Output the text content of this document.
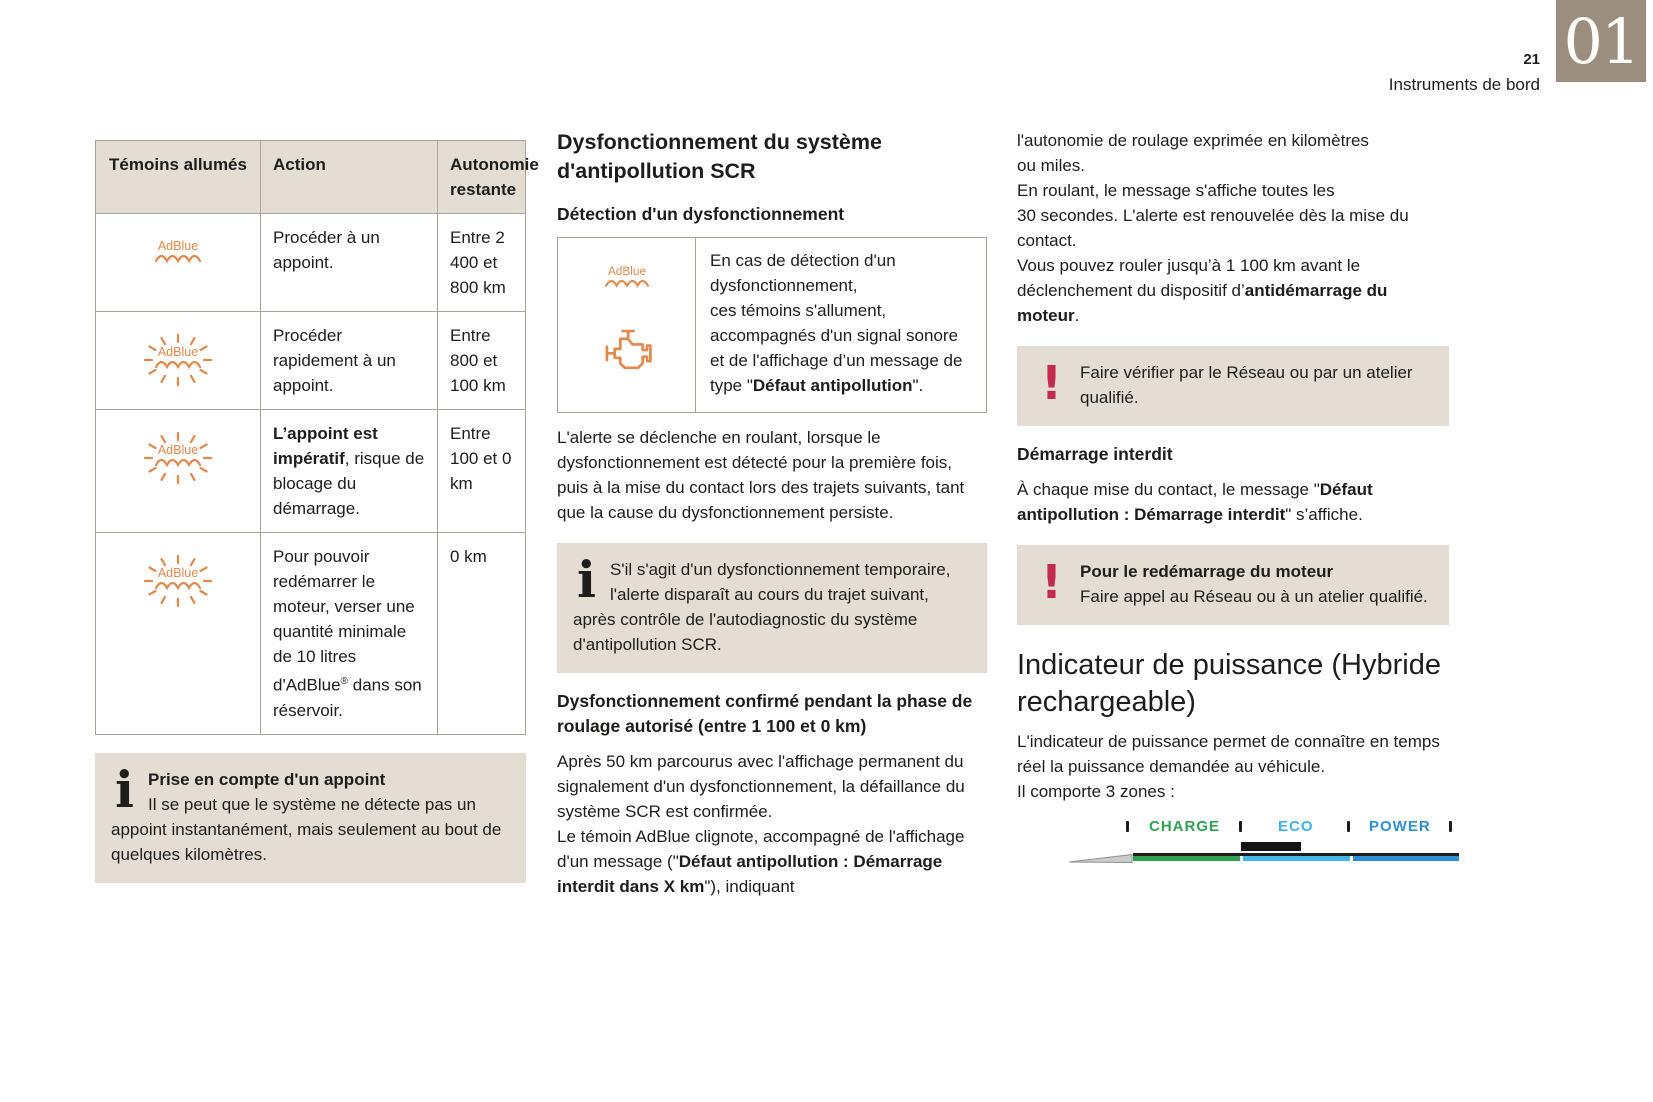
21
Instruments de bord
01
Témoins allumés	Action	Autonomie restante
	Procéder à un appoint.	Entre 2 400 et 800 km
	Procéder rapidement à un appoint.	Entre 800 et 100 km
	L’appoint est impératif, risque de blocage du démarrage.	Entre 100 et 0 km
	Pour pouvoir redémarrer le moteur, verser une quantité minimale de 10 litres d'AdBlue® dans son réservoir.	0 km
i Prise en compte d'un appoint
Il se peut que le système ne détecte pas un appoint instantanément, mais seulement au bout de quelques kilomètres.
Dysfonctionnement du système d'antipollution SCR
Détection d'un dysfonctionnement
En cas de détection d'un dysfonctionnement,
ces témoins s'allument, accompagnés d'un signal sonore et de l'affichage d’un message de type "Défaut antipollution".

L'alerte se déclenche en roulant, lorsque le dysfonctionnement est détecté pour la première fois, puis à la mise du contact lors des trajets suivants, tant que la cause du dysfonctionnement persiste.

i S'il s'agit d'un dysfonctionnement temporaire, l'alerte disparaît au cours du trajet suivant, après contrôle de l'autodiagnostic du système d'antipollution SCR.
Dysfonctionnement confirmé pendant la phase de roulage autorisé (entre 1 100 et 0 km)

Après 50 km parcourus avec l'affichage permanent du signalement d'un dysfonctionnement, la défaillance du système SCR est confirmée.
Le témoin AdBlue clignote, accompagné de l'affichage d'un message ("Défaut antipollution : Démarrage interdit dans X km"), indiquant

l'autonomie de roulage exprimée en kilomètres
ou miles.
En roulant, le message s'affiche toutes les
30 secondes. L'alerte est renouvelée dès la mise du contact.
Vous pouvez rouler jusqu’à 1 100 km avant le déclenchement du dispositif d’antidémarrage du moteur.

! Faire vérifier par le Réseau ou par un atelier qualifié.
Démarrage interdit

À chaque mise du contact, le message "Défaut antipollution : Démarrage interdit" s’affiche.

! Pour le redémarrage du moteur
Faire appel au Réseau ou à un atelier qualifié.
Indicateur de puissance (Hybride rechargeable)

L'indicateur de puissance permet de connaître en temps réel la puissance demandée au véhicule.
Il comporte 3 zones :

CHARGE	ECO	POWER
